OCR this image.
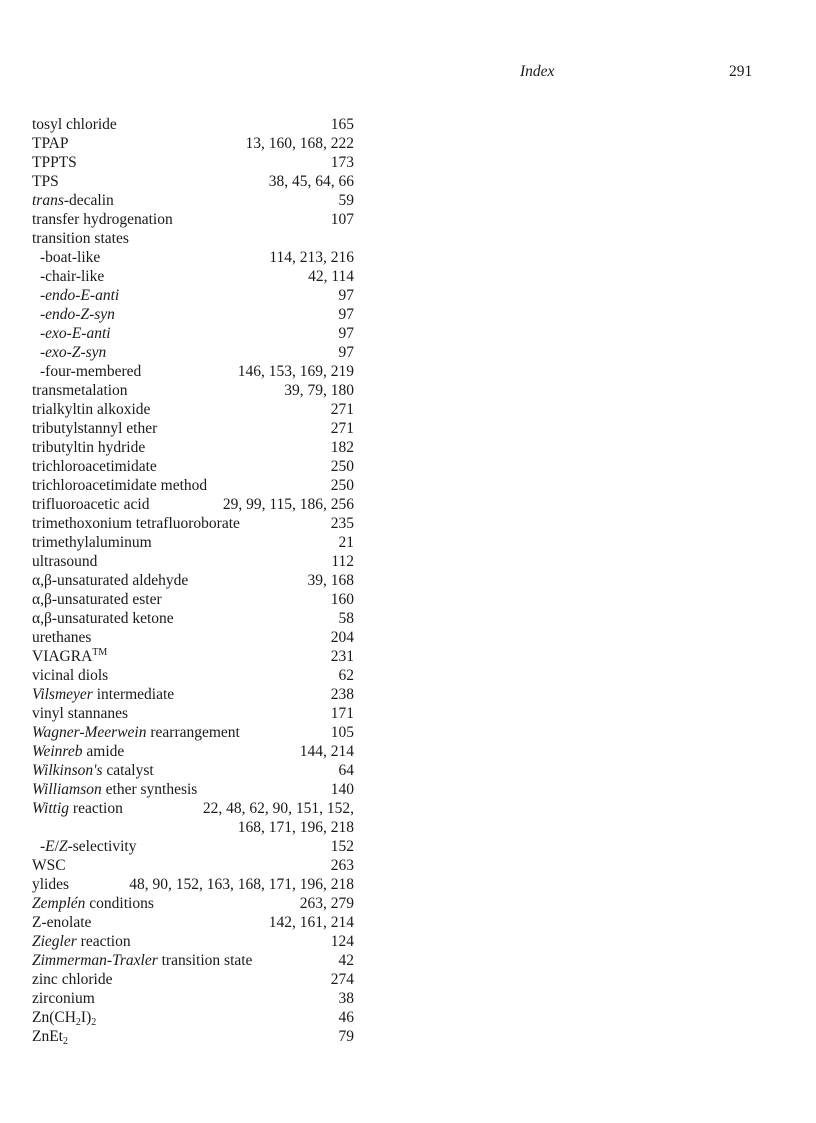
Index	291
tosyl chloride	165
TPAP	13, 160, 168, 222
TPPTS	173
TPS	38, 45, 64, 66
trans-decalin	59
transfer hydrogenation	107
transition states
-boat-like	114, 213, 216
-chair-like	42, 114
-endo-E-anti	97
-endo-Z-syn	97
-exo-E-anti	97
-exo-Z-syn	97
-four-membered	146, 153, 169, 219
transmetalation	39, 79, 180
trialkyltin alkoxide	271
tributylstannyl ether	271
tributyltin hydride	182
trichloroacetimidate	250
trichloroacetimidate method	250
trifluoroacetic acid	29, 99, 115, 186, 256
trimethoxonium tetrafluoroborate	235
trimethylaluminum	21
ultrasound	112
α,β-unsaturated aldehyde	39, 168
α,β-unsaturated ester	160
α,β-unsaturated ketone	58
urethanes	204
VIAGRA™	231
vicinal diols	62
Vilsmeyer intermediate	238
vinyl stannanes	171
Wagner-Meerwein rearrangement	105
Weinreb amide	144, 214
Wilkinson's catalyst	64
Williamson ether synthesis	140
Wittig reaction	22, 48, 62, 90, 151, 152,
168, 171, 196, 218
-E/Z-selectivity	152
WSC	263
ylides	48, 90, 152, 163, 168, 171, 196, 218
Zemplén conditions	263, 279
Z-enolate	142, 161, 214
Ziegler reaction	124
Zimmerman-Traxler transition state	42
zinc chloride	274
zirconium	38
$Zn(CH_2I)_2$	46
ZnEt$_2$	79
